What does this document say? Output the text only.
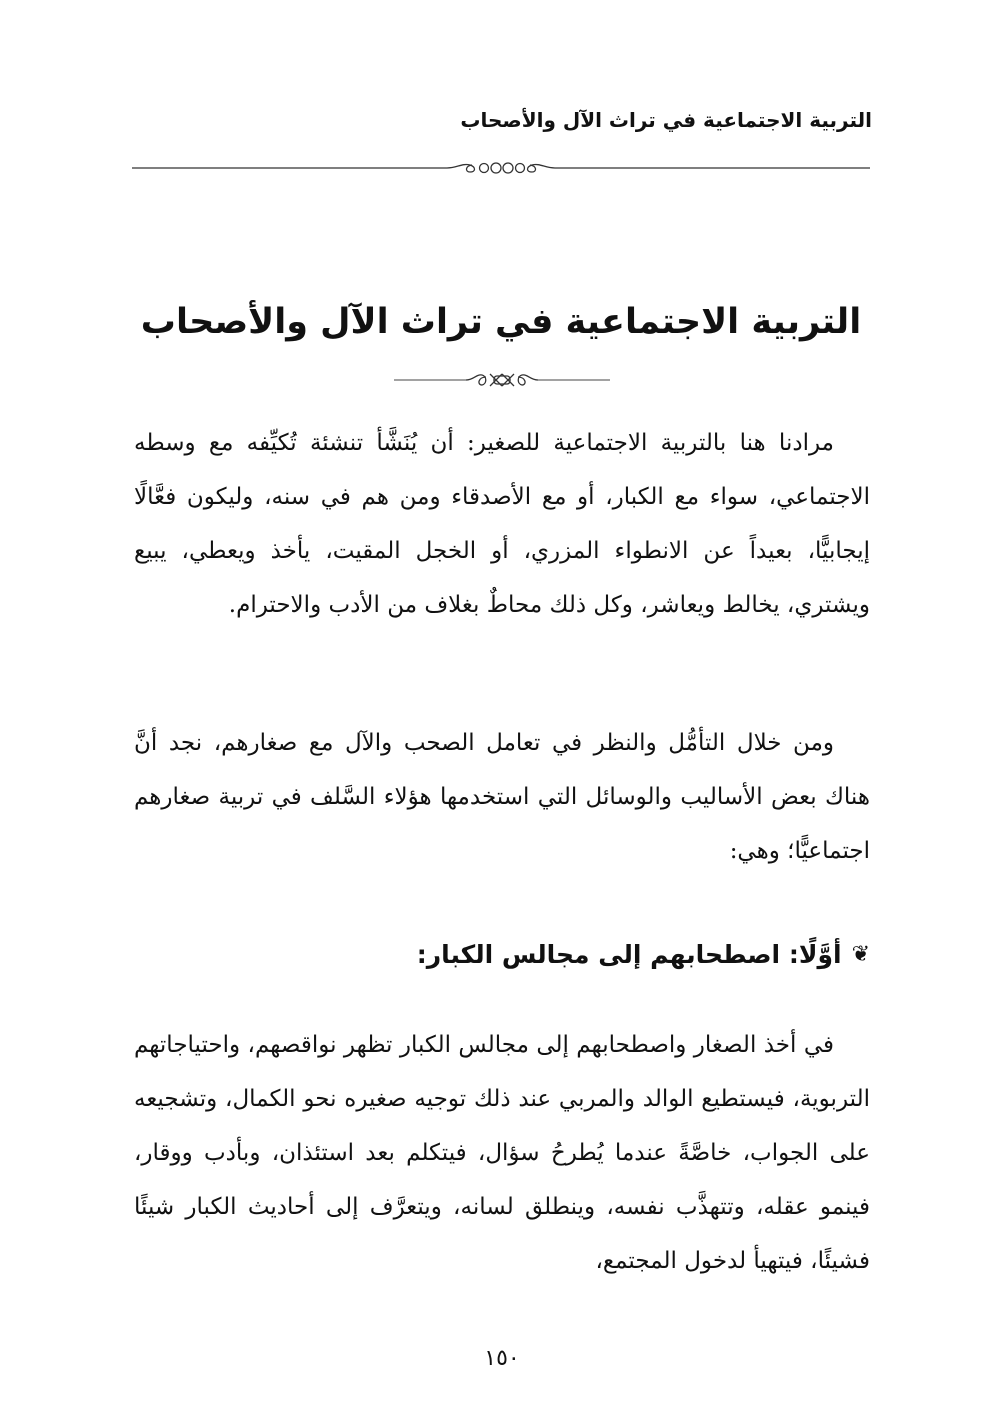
التربية الاجتماعية في تراث الآل والأصحاب
التربية الاجتماعية في تراث الآل والأصحاب

مرادنا هنا بالتربية الاجتماعية للصغير: أن يُنَشَّأ تنشئة تُكيِّفه مع وسطه الاجتماعي، سواء مع الكبار، أو مع الأصدقاء ومن هم في سنه، وليكون فعَّالًا إيجابيًّا، بعيداً عن الانطواء المزري، أو الخجل المقيت، يأخذ ويعطي، يبيع ويشتري، يخالط ويعاشر، وكل ذلك محاطٌ بغلاف من الأدب والاحترام.

ومن خلال التأمُّل والنظر في تعامل الصحب والآل مع صغارهم، نجد أنَّ هناك بعض الأساليب والوسائل التي استخدمها هؤلاء السَّلف في تربية صغارهم اجتماعيًّا؛ وهي:

❦
أوَّلًا: اصطحابهم إلى مجالس الكبار:

في أخذ الصغار واصطحابهم إلى مجالس الكبار تظهر نواقصهم، واحتياجاتهم التربوية، فيستطيع الوالد والمربي عند ذلك توجيه صغيره نحو الكمال، وتشجيعه على الجواب، خاصَّةً عندما يُطرحُ سؤال، فيتكلم بعد استئذان، وبأدب ووقار، فينمو عقله، وتتهذَّب نفسه، وينطلق لسانه، ويتعرَّف إلى أحاديث الكبار شيئًا فشيئًا، فيتهيأ لدخول المجتمع،

١٥٠
